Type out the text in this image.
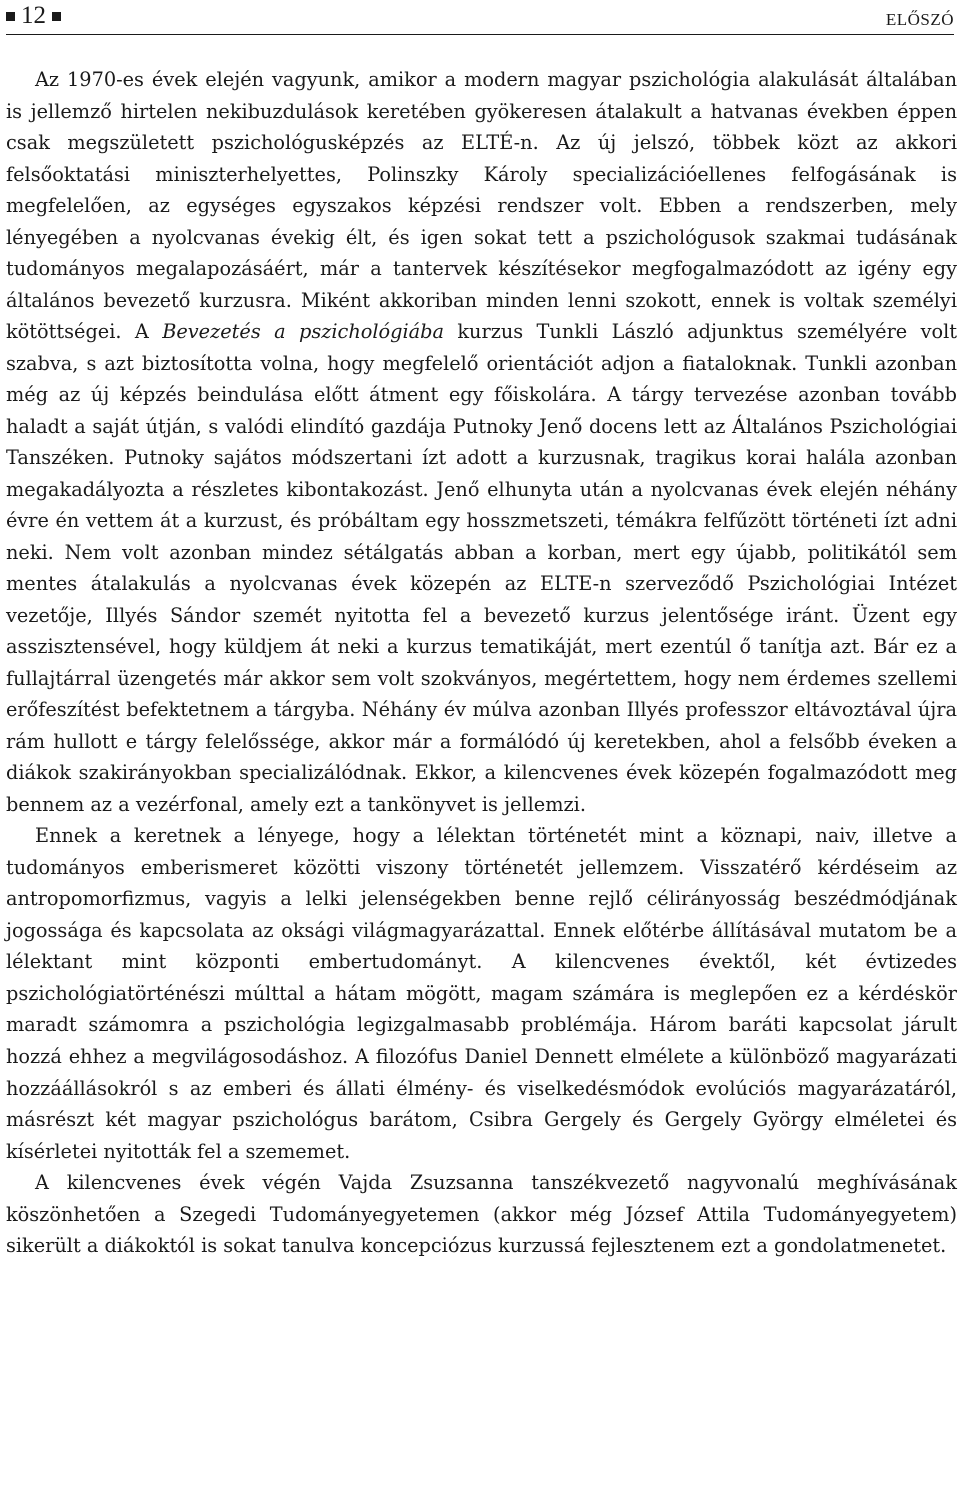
12	ELŐSZÓ

Az 1970-es évek elején vagyunk, amikor a modern magyar pszichológia alakulását általában is jellemző hirtelen nekibuzdulások keretében gyökeresen átalakult a hatvanas években éppen csak megszületett pszichológusképzés az ELTÉ-n. Az új jelszó, többek közt az akkori felsőoktatási miniszterhelyettes, Polinszky Károly specializációellenes felfogásának is megfelelően, az egységes egyszakos képzési rendszer volt. Ebben a rendszerben, mely lényegében a nyolcvanas évekig élt, és igen sokat tett a pszichológusok szakmai tudásának tudományos megalapozásáért, már a tantervek készítésekor megfogalmazódott az igény egy általános bevezető kurzusra. Miként akkoriban minden lenni szokott, ennek is voltak személyi kötöttségei. A Bevezetés a pszichológiába kurzus Tunkli László adjunktus személyére volt szabva, s azt biztosította volna, hogy megfelelő orientációt adjon a fiataloknak. Tunkli azonban még az új képzés beindulása előtt átment egy főiskolára. A tárgy tervezése azonban tovább haladt a saját útján, s valódi elindító gazdája Putnoky Jenő docens lett az Általános Pszichológiai Tanszéken. Putnoky sajátos módszertani ízt adott a kurzusnak, tragikus korai halála azonban megakadályozta a részletes kibontakozást. Jenő elhunyta után a nyolcvanas évek elején néhány évre én vettem át a kurzust, és próbáltam egy hosszmetszeti, témákra felfűzött történeti ízt adni neki. Nem volt azonban mindez sétálgatás abban a korban, mert egy újabb, politikától sem mentes átalakulás a nyolcvanas évek közepén az ELTE-n szerveződő Pszichológiai Intézet vezetője, Illyés Sándor szemét nyitotta fel a bevezető kurzus jelentősége iránt. Üzent egy asszisztensével, hogy küldjem át neki a kurzus tematikáját, mert ezentúl ő tanítja azt. Bár ez a fullajtárral üzengetés már akkor sem volt szokványos, megértettem, hogy nem érdemes szellemi erőfeszítést befektetnem a tárgyba. Néhány év múlva azonban Illyés professzor eltávoztával újra rám hullott e tárgy felelőssége, akkor már a formálódó új keretekben, ahol a felsőbb éveken a diákok szakirányokban specializálódnak. Ekkor, a kilencvenes évek közepén fogalmazódott meg bennem az a vezérfonal, amely ezt a tankönyvet is jellemzi.

Ennek a keretnek a lényege, hogy a lélektan történetét mint a köznapi, naiv, illetve a tudományos emberismeret közötti viszony történetét jellemzem. Visszatérő kérdéseim az antropomorfizmus, vagyis a lelki jelenségekben benne rejlő célirányosság beszédmódjának jogossága és kapcsolata az oksági világmagyarázattal. Ennek előtérbe állításával mutatom be a lélektant mint központi embertudományt. A kilencvenes évektől, két évtizedes pszichológiatörténészi múlttal a hátam mögött, magam számára is meglepően ez a kérdéskör maradt számomra a pszichológia legizgalmasabb problémája. Három baráti kapcsolat járult hozzá ehhez a megvilágosodáshoz. A filozófus Daniel Dennett elmélete a különböző magyarázati hozzáállásokról s az emberi és állati élmény- és viselkedésmódok evolúciós magyarázatáról, másrészt két magyar pszichológus barátom, Csibra Gergely és Gergely György elméletei és kísérletei nyitották fel a szememet.

A kilencvenes évek végén Vajda Zsuzsanna tanszékvezető nagyvonalú meghívásának köszönhetően a Szegedi Tudományegyetemen (akkor még József Attila Tudományegyetem) sikerült a diákoktól is sokat tanulva koncepciózus kurzussá fejlesztenem ezt a gondolatmenetet.
